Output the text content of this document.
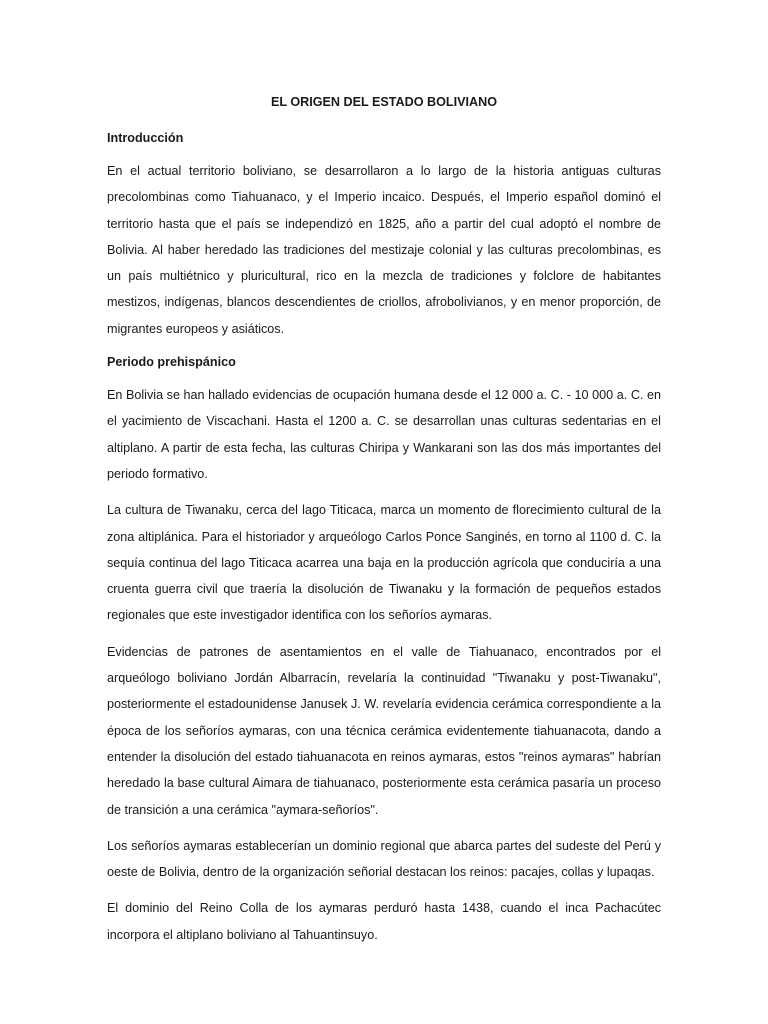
EL ORIGEN DEL ESTADO BOLIVIANO
Introducción

En el actual territorio boliviano, se desarrollaron a lo largo de la historia antiguas culturas precolombinas como Tiahuanaco, y el Imperio incaico. Después, el Imperio español dominó el territorio hasta que el país se independizó en 1825, año a partir del cual adoptó el nombre de Bolivia. Al haber heredado las tradiciones del mestizaje colonial y las culturas precolombinas, es un país multiétnico y pluricultural, rico en la mezcla de tradiciones y folclore de habitantes mestizos, indígenas, blancos descendientes de criollos, afrobolivianos, y en menor proporción, de migrantes europeos y asiáticos.

Periodo prehispánico

En Bolivia se han hallado evidencias de ocupación humana desde el 12 000 a. C. - 10 000 a. C. en el yacimiento de Viscachani. Hasta el 1200 a. C. se desarrollan unas culturas sedentarias en el altiplano. A partir de esta fecha, las culturas Chiripa y Wankarani son las dos más importantes del periodo formativo.

La cultura de Tiwanaku, cerca del lago Titicaca, marca un momento de florecimiento cultural de la zona altiplánica. Para el historiador y arqueólogo Carlos Ponce Sanginés, en torno al 1100 d. C. la sequía continua del lago Titicaca acarrea una baja en la producción agrícola que conduciría a una cruenta guerra civil que traería la disolución de Tiwanaku y la formación de pequeños estados regionales que este investigador identifica con los señoríos aymaras.

Evidencias de patrones de asentamientos en el valle de Tiahuanaco, encontrados por el arqueólogo boliviano Jordán Albarracín, revelaría la continuidad "Tiwanaku y post-Tiwanaku", posteriormente el estadounidense Janusek J. W. revelaría evidencia cerámica correspondiente a la época de los señoríos aymaras, con una técnica cerámica evidentemente tiahuanacota, dando a entender la disolución del estado tiahuanacota en reinos aymaras, estos "reinos aymaras" habrían heredado la base cultural Aimara de tiahuanaco, posteriormente esta cerámica pasaría un proceso de transición a una cerámica "aymara-señoríos".

Los señoríos aymaras establecerían un dominio regional que abarca partes del sudeste del Perú y oeste de Bolivia, dentro de la organización señorial destacan los reinos: pacajes, collas y lupaqas.

El dominio del Reino Colla de los aymaras perduró hasta 1438, cuando el inca Pachacútec incorpora el altiplano boliviano al Tahuantinsuyo.
